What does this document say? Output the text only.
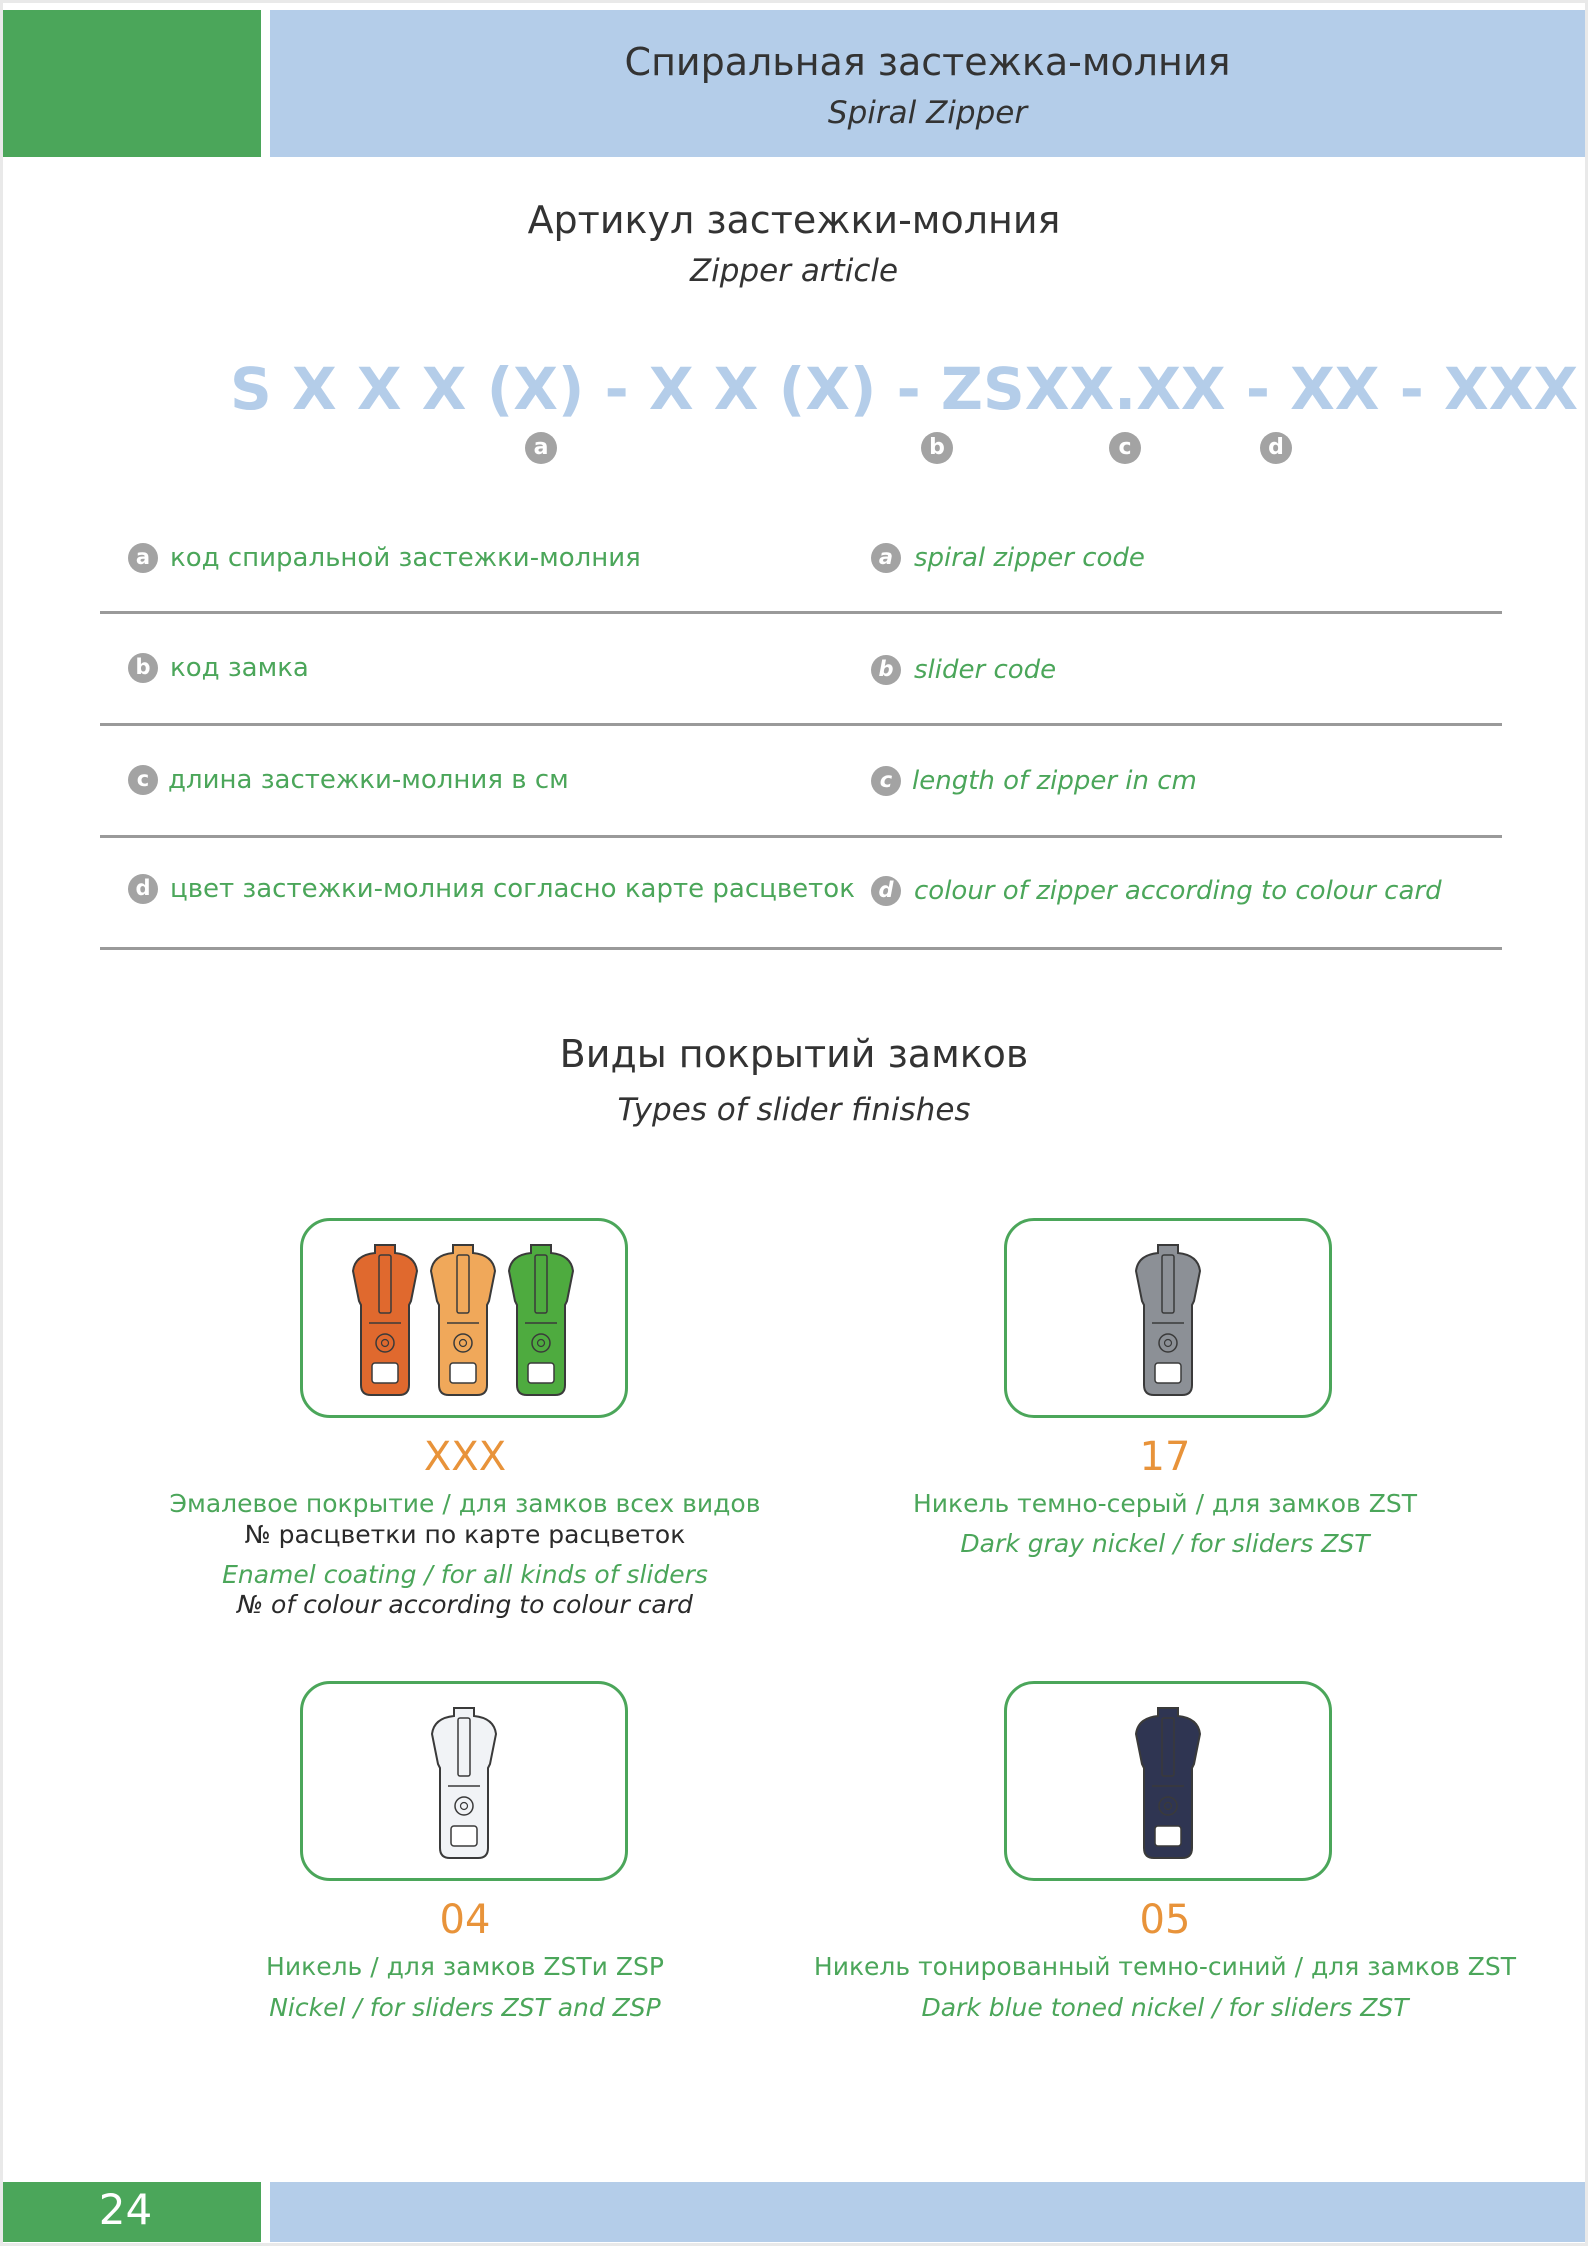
Спиральная застежка-молния
Spiral Zipper
Артикул застежки-молния
Zipper article
S X X X (X) - X X (X) - ZSXX.XX - XX - XXX
a	b	c	d
a код спиральной застежки-молния	a spiral zipper code
b код замка	b slider code
c длина застежки-молния в см	c length of zipper in cm
d цвет застежки-молния согласно карте расцветок	d colour of zipper according to colour card
Виды покрытий замков
Types of slider finishes
XXX
Эмалевое покрытие / для замков всех видов
№ расцветки по карте расцветок
Enamel coating / for all kinds of sliders
№ of colour according to colour card
17
Никель темно-серый / для замков ZST
Dark gray nickel / for sliders ZST
04
Никель / для замков ZSTи ZSP
Nickel / for sliders ZST and ZSP
05
Никель тонированный темно-синий / для замков ZST
Dark blue toned nickel / for sliders ZST
24
